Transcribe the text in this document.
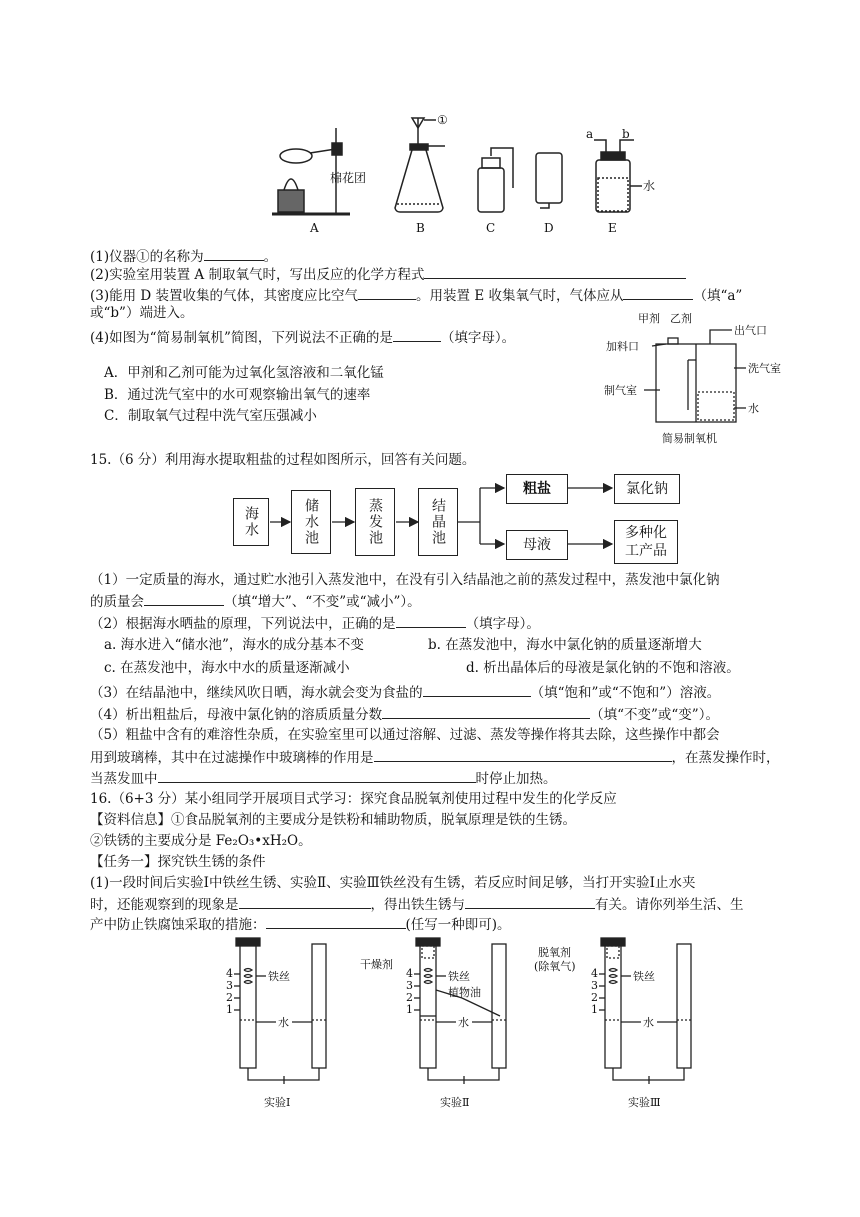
A	B	C	D	E
①
棉花团
水
a b
(1)仪器①的名称为	。
(2)实验室用装置 A 制取氧气时，写出反应的化学方程式
(3)能用 D 装置收集的气体，其密度应比空气	。用装置 E 收集氧气时，气体应从	（填“a”
或“b”）端进入。
(4)如图为“简易制氧机”简图，下列说法不正确的是	（填字母）。
A．甲剂和乙剂可能为过氧化氢溶液和二氧化锰
B．通过洗气室中的水可观察输出氧气的速率
C．制取氧气过程中洗气室压强减小
甲剂 乙剂
加料口
出气口
洗气室
制气室
水
简易制氧机
15.（6 分）利用海水提取粗盐的过程如图所示，回答有关问题。
海水	储水池	蒸发池	结晶池
粗盐	氯化钠
母液
多种化工产品
（1）一定质量的海水，通过贮水池引入蒸发池中，在没有引入结晶池之前的蒸发过程中，蒸发池中氯化钠
的质量会	（填“增大”、“不变”或“减小”）。
（2）根据海水晒盐的原理，下列说法中，正确的是	（填字母）。
a. 海水进入“储水池”，海水的成分基本不变	b. 在蒸发池中，海水中氯化钠的质量逐渐增大
c. 在蒸发池中，海水中水的质量逐渐减小	d. 析出晶体后的母液是氯化钠的不饱和溶液。
（3）在结晶池中，继续风吹日晒，海水就会变为食盐的	（填“饱和”或“不饱和”）溶液。
（4）析出粗盐后，母液中氯化钠的溶质质量分数	（填“不变”或“变”）。
（5）粗盐中含有的难溶性杂质，在实验室里可以通过溶解、过滤、蒸发等操作将其去除，这些操作中都会
用到玻璃棒，其中在过滤操作中玻璃棒的作用是	，在蒸发操作时，
当蒸发皿中	时停止加热。
16.（6+3 分）某小组同学开展项目式学习：探究食品脱氧剂使用过程中发生的化学反应
【资料信息】①食品脱氧剂的主要成分是铁粉和辅助物质，脱氧原理是铁的生锈。
②铁锈的主要成分是 Fe₂O₃•xH₂O。
【任务一】探究铁生锈的条件
(1)一段时间后实验Ⅰ中铁丝生锈、实验Ⅱ、实验Ⅲ铁丝没有生锈，若反应时间足够，当打开实验Ⅰ止水夹
时，还能观察到的现象是	，得出铁生锈与	有关。请你列举生活、生
产中防止铁腐蚀采取的措施：	(任写一种即可)。
4
3
2
1
铁丝
水
4
3
2
1
干燥剂
铁丝
植物油
水
4
3
2
1
脱氧剂
(除氧气)
铁丝
水
实验Ⅰ	实验Ⅱ	实验Ⅲ
